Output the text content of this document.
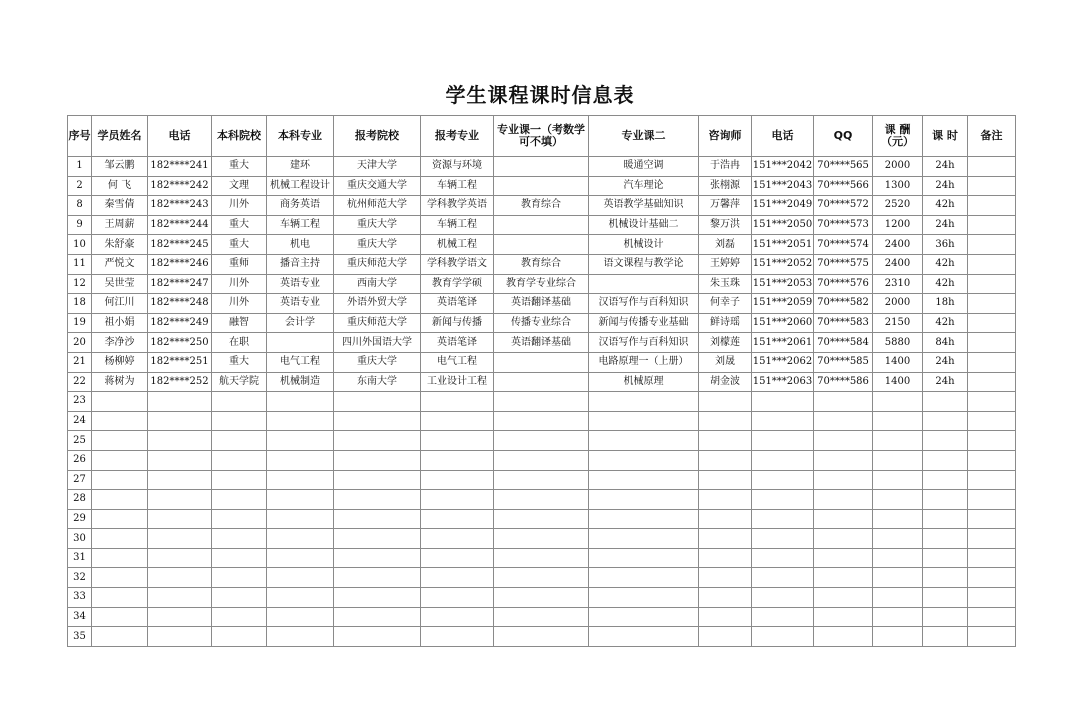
学生课程课时信息表
序号	学员姓名	电话	本科院校	本科专业	报考院校	报考专业	专业课一（考数学可不填）	专业课二	咨询师	电话	QQ	课 酬（元）	课 时	备注
1	邹云鹏	182****241	重大	建环	天津大学	资源与环境		暖通空调	于浩冉	151***2042	70****565	2000	24h	
2	何 飞	182****242	文理	机械工程设计	重庆交通大学	车辆工程		汽车理论	张栩源	151***2043	70****566	1300	24h	
8	秦雪倩	182****243	川外	商务英语	杭州师范大学	学科教学英语	教育综合	英语教学基础知识	万馨萍	151***2049	70****572	2520	42h	
9	王周薪	182****244	重大	车辆工程	重庆大学	车辆工程		机械设计基础二	黎万洪	151***2050	70****573	1200	24h	
10	朱舒豪	182****245	重大	机电	重庆大学	机械工程		机械设计	刘磊	151***2051	70****574	2400	36h	
11	严悦文	182****246	重师	播音主持	重庆师范大学	学科教学语文	教育综合	语文课程与教学论	王婷婷	151***2052	70****575	2400	42h	
12	吴世莹	182****247	川外	英语专业	西南大学	教育学学硕	教育学专业综合		朱玉珠	151***2053	70****576	2310	42h	
18	何江川	182****248	川外	英语专业	外语外贸大学	英语笔译	英语翻译基础	汉语写作与百科知识	何幸子	151***2059	70****582	2000	18h	
19	祖小娟	182****249	融智	会计学	重庆师范大学	新闻与传播	传播专业综合	新闻与传播专业基础	鲜诗瑶	151***2060	70****583	2150	42h	
20	李净沙	182****250	在职		四川外国语大学	英语笔译	英语翻译基础	汉语写作与百科知识	刘檬莲	151***2061	70****584	5880	84h	
21	杨柳婷	182****251	重大	电气工程	重庆大学	电气工程		电路原理一（上册）	刘晟	151***2062	70****585	1400	24h	
22	蒋树为	182****252	航天学院	机械制造	东南大学	工业设计工程		机械原理	胡金波	151***2063	70****586	1400	24h	
23														
24														
25														
26														
27														
28														
29														
30														
31														
32														
33														
34														
35														
